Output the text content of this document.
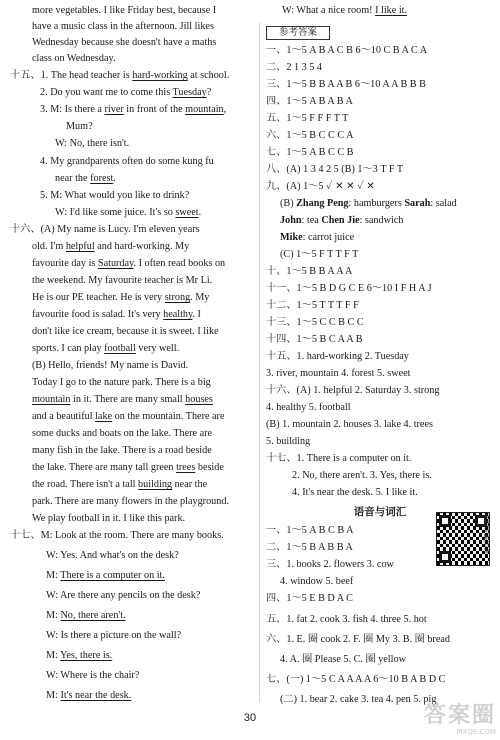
more vegetables. I like Friday best, because I
have a music class in the afternoon. Jill likes
Wednesday because she doesn't have a maths
class on Wednesday.
十五、1. The head teacher is hard-working at school.
2. Do you want me to come this Tuesday?
3. M: Is there a river in front of the mountain,
Mum?
W: No, there isn't.
4. My grandparents often do some kung fu
near the forest.
5. M: What would you like to drink?
W: I'd like some juice. It's so sweet.
十六、(A) My name is Lucy. I'm eleven years
old. I'm helpful and hard-working. My
favourite day is Saturday. I often read books on
the weekend. My favourite teacher is Mr Li.
He is our PE teacher. He is very strong. My
favourite food is salad. It's very healthy. I
don't like ice cream, because it is sweet. I like
sports. I can play football very well.
(B) Hello, friends! My name is David.
Today I go to the nature park. There is a big
mountain in it. There are many small houses
and a beautiful lake on the mountain. There are
some ducks and boats on the lake. There are
many fish in the lake. There is a road beside
the lake. There are many tall green trees beside
the road. There isn't a tall building near the
park. There are many flowers in the playground.
We play football in it. I like this park.
十七、M: Look at the room. There are many books.
W: Yes. And what's on the desk?
M: There is a computer on it.
W: Are there any pencils on the desk?
M: No, there aren't.
W: Is there a picture on the wall?
M: Yes, there is.
W: Where is the chair?
M: It's near the desk.
W: What a nice room! I like it.
参考答案
一、1～5 A B A C B 6～10 C B A C A
二、2 1 3 5 4
三、1～5 B B A A B 6～10 A A B B B
四、1～5 A B A B A
五、1～5 F F F T T
六、1～5 B C C C A
七、1～5 A B C C B
八、(A) 1 3 4 2 5 (B) 1～3 T F T
九、(A) 1～5 ✓ ✕ ✕ ✓ ✕
(B) Zhang Peng: hamburgers Sarah: salad
John: tea Chen Jie: sandwich
Mike: carrot juice
(C) 1～5 F T T F T
十、1～5 B B A A A
十一、1～5 B D G C E 6～10 I F H A J
十二、1～5 T T T F F
十三、1～5 C C B C C
十四、1～5 B C A A B
十五、1. hard-working 2. Tuesday
3. river, mountain 4. forest 5. sweet
十六、(A) 1. helpful 2. Saturday 3. strong
4. healthy 5. football
(B) 1. mountain 2. houses 3. lake 4. trees
5. building
十七、1. There is a computer on it.
2. No, there aren't. 3. Yes, there is.
4. It's near the desk. 5. I like it.
语音与词汇
一、1～5 A B C B A
二、1～5 B A B B A
三、1. books 2. flowers 3. cow
4. window 5. beef
四、1～5 E B D A C
五、1. fat 2. cook 3. fish 4. three 5. hot
六、1. E. 圈 cook 2. F. 圈 My 3. B. 圈 bread
4. A. 圈 Please 5. C. 圈 yellow
七、(一) 1～5 C A A A A 6～10 B A B D C
(二) 1. bear 2. cake 3. tea 4. pen 5. pig
视频讲解答案
30	答案圈
MXQE.COM
